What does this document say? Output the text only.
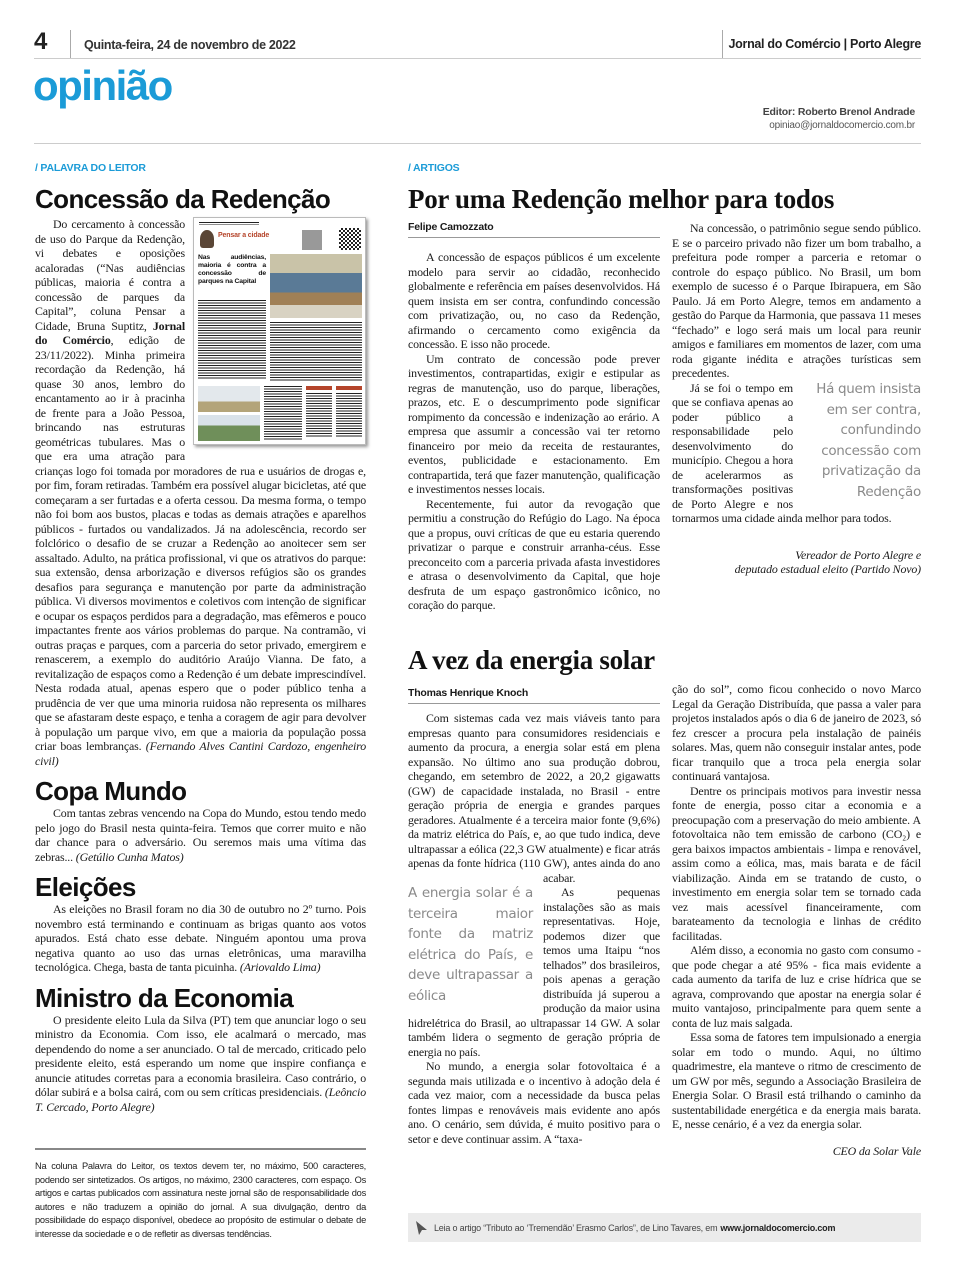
4	Quinta-feira, 24 de novembro de 2022	Jornal do Comércio | Porto Alegre
opinião
Editor: Roberto Brenol Andrade
opiniao@jornaldocomercio.com.br
/ PALAVRA DO LEITOR
Concessão da Redenção
Pensar a cidade
Nas audiências, maioria é contra a concessão de parques na Capital

Do cercamento à concessão de uso do Parque da Redenção, vi debates e oposições acaloradas (“Nas audiências públicas, maioria é contra a concessão de parques da Capital”, coluna Pensar a Cidade, Bruna Suptitz, Jornal do Comércio, edição de 23/11/2022). Minha primeira recordação da Redenção, há quase 30 anos, lembro do encantamento ao ir à pracinha de frente para a João Pessoa, brincando nas estruturas geométricas tubulares. Mas o que era uma atração para crianças logo foi tomada por moradores de rua e usuários de drogas e, por fim, foram retiradas. Também era possível alugar bicicletas, até que começaram a ser furtadas e a oferta cessou. Da mesma forma, o tempo não foi bom aos bustos, placas e todas as demais atrações e aparelhos públicos - furtados ou vandalizados. Já na adolescência, recordo ser folclórico o desafio de se cruzar a Redenção ao anoitecer sem ser assaltado. Adulto, na prática profissional, vi que os atrativos do parque: sua extensão, densa arborização e diversos refúgios são os grandes desafios para segurança e manutenção por parte da administração pública. Vi diversos movimentos e coletivos com intenção de significar e ocupar os espaços perdidos para a degradação, mas efêmeros e pouco impactantes frente aos vários problemas do parque. Na contramão, vi outras praças e parques, com a parceria do setor privado, emergirem e renascerem, a exemplo do auditório Araújo Vianna. De fato, a revitalização de espaços como a Redenção é um debate imprescindível. Nesta rodada atual, apenas espero que o poder público tenha a prudência de ver que uma minoria ruidosa não representa os milhares que se afastaram deste espaço, e tenha a coragem de agir para devolver à população um parque vivo, em que a maioria da população possa criar boas lembranças. (Fernando Alves Cantini Cardozo, engenheiro civil)

Copa Mundo

Com tantas zebras vencendo na Copa do Mundo, estou tendo medo pelo jogo do Brasil nesta quinta-feira. Temos que correr muito e não dar chance para o adversário. Ou seremos mais uma vítima das zebras... (Getúlio Cunha Matos)

Eleições

As eleições no Brasil foram no dia 30 de outubro no 2º turno. Pois novembro está terminando e continuam as brigas quanto aos votos apurados. Está chato esse debate. Ninguém apontou uma prova negativa quanto ao uso das urnas eletrônicas, uma maravilha tecnológica. Chega, basta de tanta picuinha. (Ariovaldo Lima)

Ministro da Economia

O presidente eleito Lula da Silva (PT) tem que anunciar logo o seu ministro da Economia. Com isso, ele acalmará o mercado, mas dependendo do nome a ser anunciado. O tal de mercado, criticado pelo presidente eleito, está esperando um nome que inspire confiança e anuncie atitudes corretas para a economia brasileira. Caso contrário, o dólar subirá e a bolsa cairá, com ou sem críticas presidenciais. (Leôncio T. Cercado, Porto Alegre)

Na coluna Palavra do Leitor, os textos devem ter, no máximo, 500 caracteres, podendo ser sintetizados. Os artigos, no máximo, 2300 caracteres, com espaço. Os artigos e cartas publicados com assinatura neste jornal são de responsabilidade dos autores e não traduzem a opinião do jornal. A sua divulgação, dentro da possibilidade do espaço disponível, obedece ao propósito de estimular o debate de interesse da sociedade e o de refletir as diversas tendências.
/ ARTIGOS
Por uma Redenção melhor para todos
Felipe Camozzato

A concessão de espaços públicos é um excelente modelo para servir ao cidadão, reconhecido globalmente e referência em países desenvolvidos. Há quem insista em ser contra, confundindo concessão com privatização, ou, no caso da Redenção, afirmando o cercamento como exigência da concessão. E isso não procede.

Um contrato de concessão pode prever investimentos, contrapartidas, exigir e estipular as regras de manutenção, uso do parque, liberações, prazos, etc. E o descumprimento pode significar rompimento da concessão e indenização ao erário. A empresa que assumir a concessão vai ter retorno financeiro por meio da receita de restaurantes, eventos, publicidade e estacionamento. Em contrapartida, terá que fazer manutenção, qualificação e investimentos nesses locais.

Recentemente, fui autor da revogação que permitiu a construção do Refúgio do Lago. Na época que a propus, ouvi críticas de que eu estaria querendo privatizar o parque e construir arranha-céus. Esse preconceito com a parceria privada afasta investidores e atrasa o desenvolvimento da Capital, que hoje desfruta de um espaço gastronômico icônico, no coração do parque.

Há quem insista em ser contra, confundindo concessão com privatização da Redenção

Na concessão, o patrimônio segue sendo público. E se o parceiro privado não fizer um bom trabalho, a prefeitura pode romper a parceria e retomar o controle do espaço público. No Brasil, um bom exemplo de sucesso é o Parque Ibirapuera, em São Paulo. Já em Porto Alegre, temos em andamento a gestão do Parque da Harmonia, que passava 11 meses “fechado” e logo será mais um local para reunir amigos e familiares em momentos de lazer, com uma roda gigante inédita e atrações turísticas sem precedentes.

Já se foi o tempo em que se confiava apenas ao poder público a responsabilidade pelo desenvolvimento do município. Chegou a hora de acelerarmos as transformações positivas de Porto Alegre e nos tornarmos uma cidade ainda melhor para todos.

Vereador de Porto Alegre e
deputado estadual eleito (Partido Novo)
A vez da energia solar
Thomas Henrique Knoch
A energia solar é a terceira maior fonte da matriz elétrica do País, e deve ultrapassar a eólica

Com sistemas cada vez mais viáveis tanto para empresas quanto para consumidores residenciais e aumento da procura, a energia solar está em plena expansão. No último ano sua produção dobrou, chegando, em setembro de 2022, a 20,2 gigawatts (GW) de capacidade instalada, no Brasil - entre geração própria de energia e grandes parques geradores. Atualmente é a terceira maior fonte (9,6%) da matriz elétrica do País, e, ao que tudo indica, deve ultrapassar a eólica (22,3 GW atualmente) e ficar atrás apenas da fonte hídrica (110 GW), antes ainda do ano acabar.

As pequenas instalações são as mais representativas. Hoje, podemos dizer que temos uma Itaipu “nos telhados” dos brasileiros, pois apenas a geração distribuída já superou a produção da maior usina hidrelétrica do Brasil, ao ultrapassar 14 GW. A solar também lidera o segmento de geração própria de energia no país.

No mundo, a energia solar fotovoltaica é a segunda mais utilizada e o incentivo à adoção dela é cada vez maior, com a necessidade da busca pelas fontes limpas e renováveis mais evidente ano após ano. O cenário, sem dúvida, é muito positivo para o setor e deve continuar assim. A “taxa-

ção do sol”, como ficou conhecido o novo Marco Legal da Geração Distribuída, que passa a valer para projetos instalados após o dia 6 de janeiro de 2023, só fez crescer a procura pela instalação de painéis solares. Mas, quem não conseguir instalar antes, pode ficar tranquilo que a troca pela energia solar continuará vantajosa.

Dentre os principais motivos para investir nessa fonte de energia, posso citar a economia e a preocupação com a preservação do meio ambiente. A fotovoltaica não tem emissão de carbono (CO₂) e gera baixos impactos ambientais - limpa e renovável, assim como a eólica, mas, mais barata e de fácil viabilização. Ainda em se tratando de custo, o investimento em energia solar tem se tornado cada vez mais acessível financeiramente, com barateamento da tecnologia e linhas de crédito facilitadas.

Além disso, a economia no gasto com consumo - que pode chegar a até 95% - fica mais evidente a cada aumento da tarifa de luz e crise hídrica que se agrava, comprovando que apostar na energia solar é muito vantajoso, principalmente para quem sente a conta de luz mais salgada.

Essa soma de fatores tem impulsionado a energia solar em todo o mundo. Aqui, no último quadrimestre, ela manteve o ritmo de crescimento de um GW por mês, segundo a Associação Brasileira de Energia Solar. O Brasil está trilhando o caminho da sustentabilidade energética e da energia mais barata. E, nesse cenário, é a vez da energia solar.

CEO da Solar Vale
Leia o artigo “Tributo ao ‘Tremendão’ Erasmo Carlos”, de Lino Tavares, em www.jornaldocomercio.com
